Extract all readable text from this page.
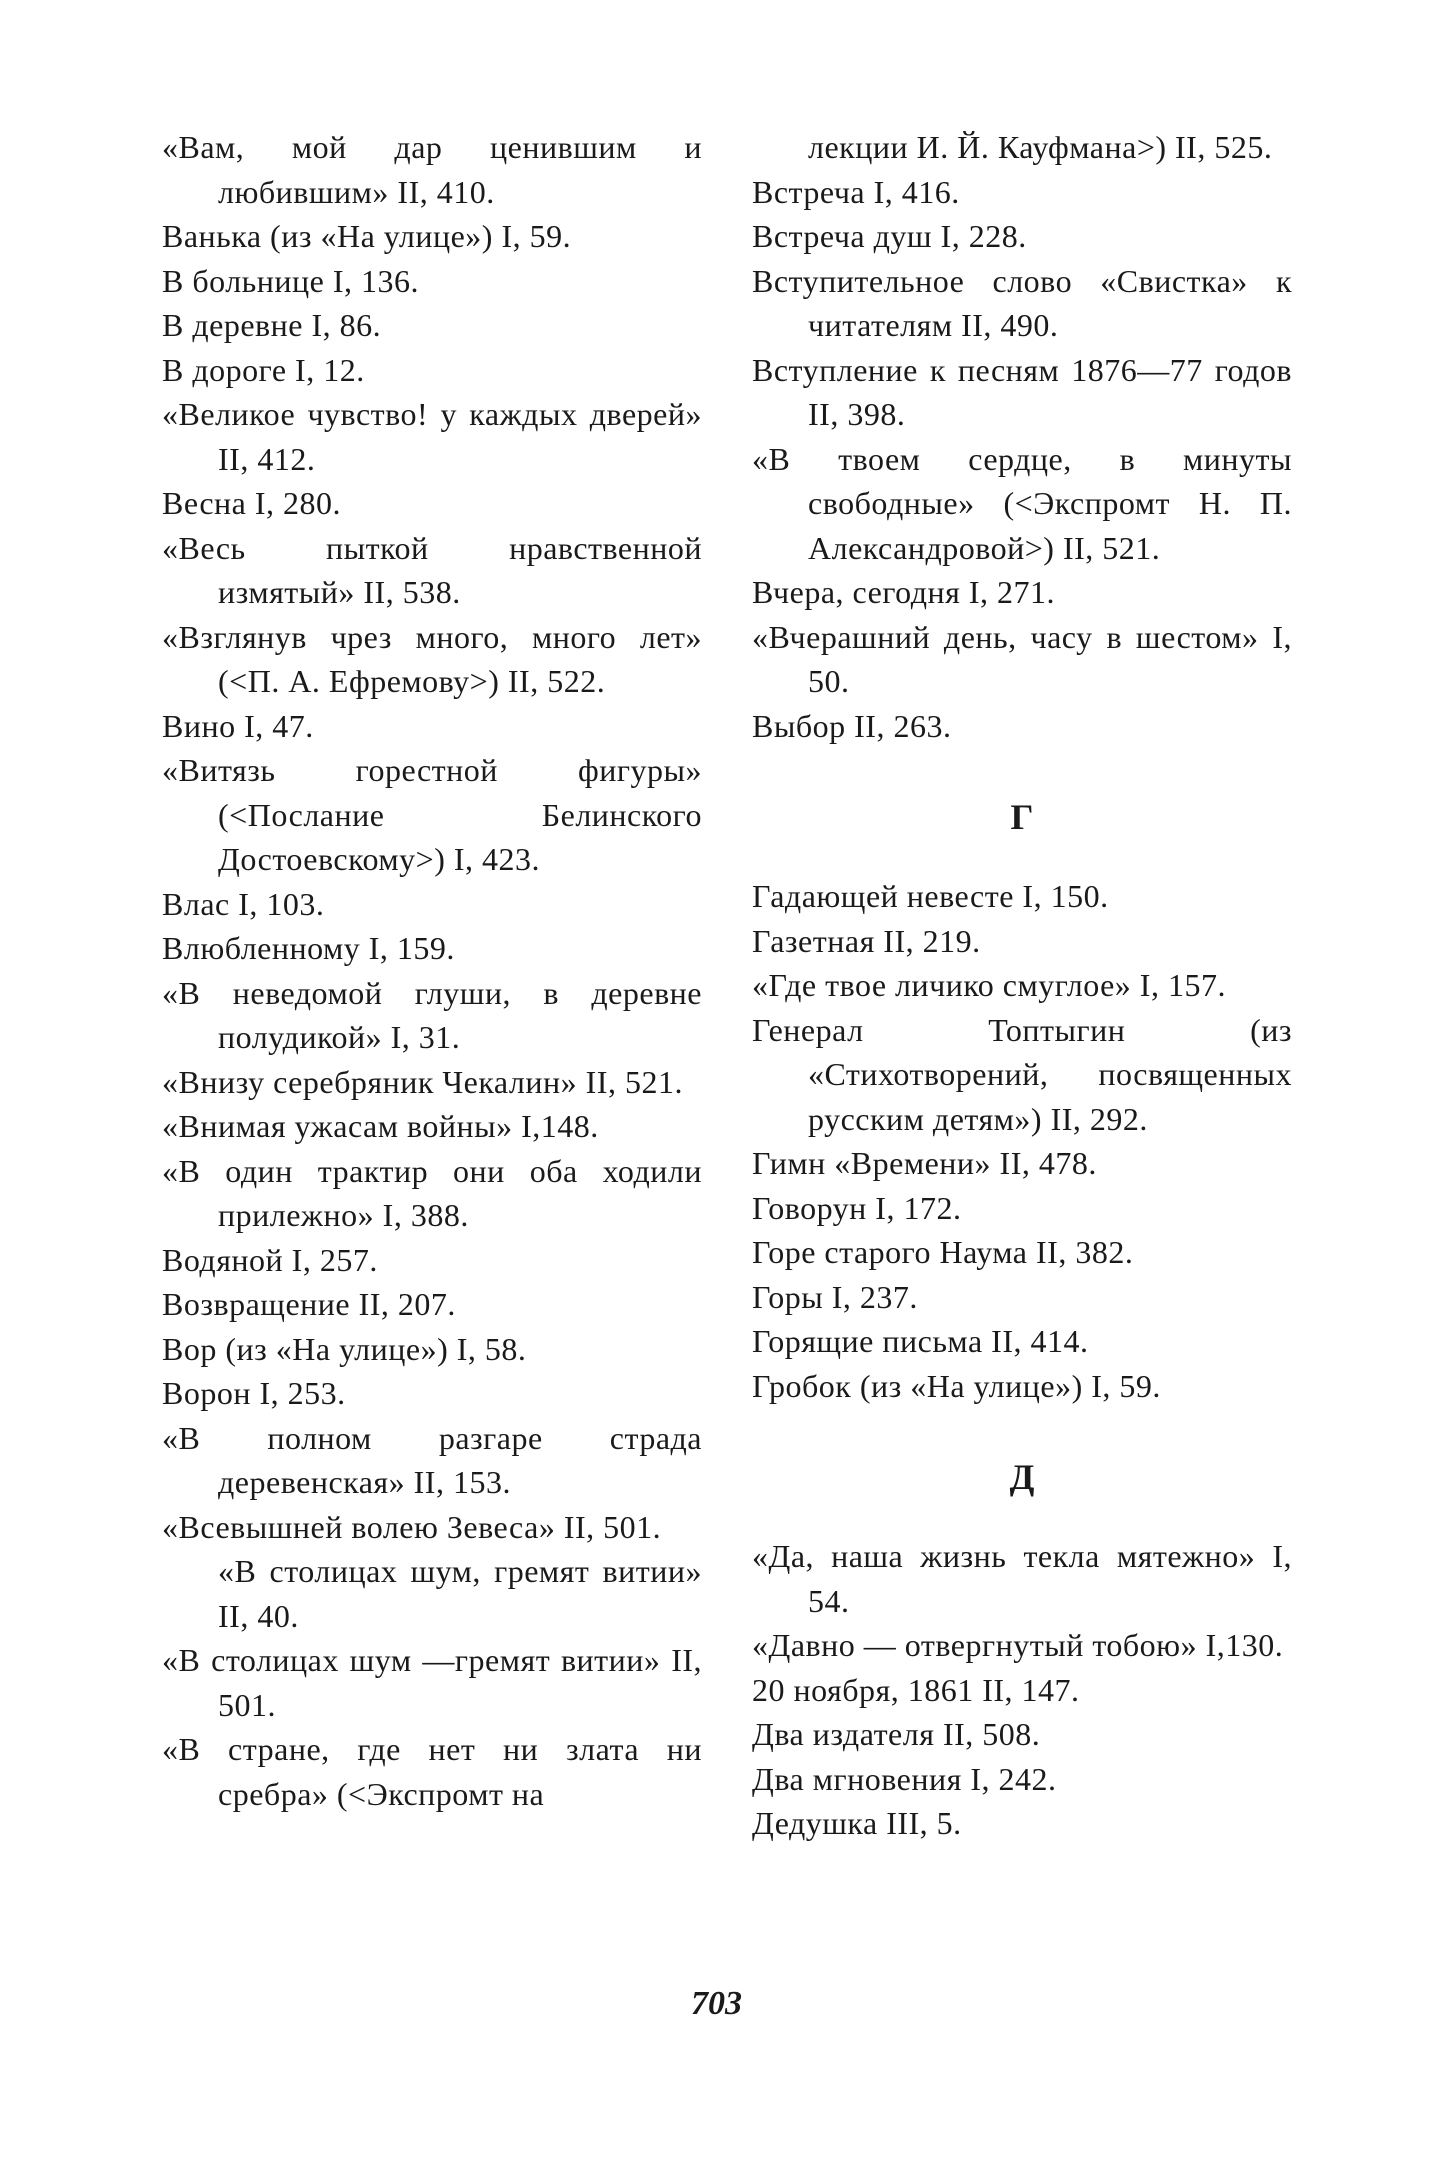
«Вам, мой дар ценившим и любившим» II, 410.

Ванька (из «На улице») I, 59.

В больнице I, 136.

В деревне I, 86.

В дороге I, 12.

«Великое чувство! у каждых дверей» II, 412.

Весна I, 280.

«Весь пыткой нравственной измятый» II, 538.

«Взглянув чрез много, много лет» (<П. А. Ефремову>) II, 522.

Вино I, 47.

«Витязь горестной фигуры» (<Послание Белинского Достоевскому>) I, 423.

Влас I, 103.

Влюбленному I, 159.

«В неведомой глуши, в деревне полудикой» I, 31.

«Внизу серебряник Чекалин» II, 521.

«Внимая ужасам войны» I,148.

«В один трактир они оба ходили прилежно» I, 388.

Водяной I, 257.

Возвращение II, 207.

Вор (из «На улице») I, 58.

Ворон I, 253.

«В полном разгаре страда деревенская» II, 153.

«Всевышней волею Зевеса» II, 501.

«В столицах шум, гремят витии» II, 40.

«В столицах шум —гремят витии» II, 501.

«В стране, где нет ни злата ни сребра» (<Экспромт на

лекции И. Й. Кауфмана>) II, 525.

Встреча I, 416.

Встреча душ I, 228.

Вступительное слово «Свистка» к читателям II, 490.

Вступление к песням 1876—77 годов II, 398.

«В твоем сердце, в минуты свободные» (<Экспромт Н. П. Александровой>) II, 521.

Вчера, сегодня I, 271.

«Вчерашний день, часу в шестом» I, 50.

Выбор II, 263.

Г

Гадающей невесте I, 150.

Газетная II, 219.

«Где твое личико смуглое» I, 157.

Генерал Топтыгин (из «Стихотворений, посвященных русским детям») II, 292.

Гимн «Времени» II, 478.

Говорун I, 172.

Горе старого Наума II, 382.

Горы I, 237.

Горящие письма II, 414.

Гробок (из «На улице») I, 59.

Д

«Да, наша жизнь текла мятежно» I, 54.

«Давно — отвергнутый тобою» I,130.

20 ноября, 1861 II, 147.

Два издателя II, 508.

Два мгновения I, 242.

Дедушка III, 5.

703
